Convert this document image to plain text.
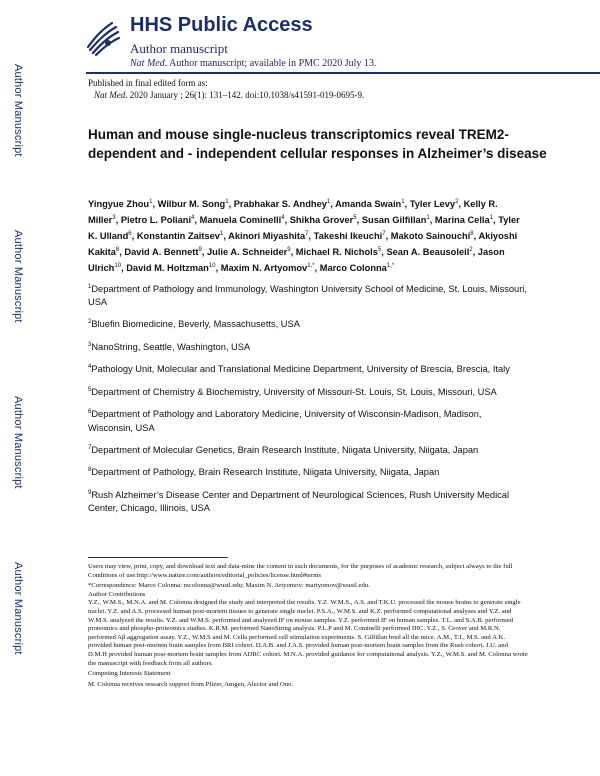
Author Manuscript
Author Manuscript
Author Manuscript
Author Manuscript
HHS Public Access
Author manuscript
Nat Med. Author manuscript; available in PMC 2020 July 13.
Published in final edited form as:
Nat Med. 2020 January ; 26(1): 131–142. doi:10.1038/s41591-019-0695-9.
Human and mouse single-nucleus transcriptomics reveal TREM2-dependent and - independent cellular responses in Alzheimer’s disease
Yingyue Zhou$^1$, Wilbur M. Song$^1$, Prabhakar S. Andhey$^1$, Amanda Swain$^1$, Tyler Levy$^2$, Kelly R. Miller$^3$, Pietro L. Poliani$^4$, Manuela Cominelli$^4$, Shikha Grover$^5$, Susan Gilfillan$^1$, Marina Cella$^1$, Tyler K. Ulland$^6$, Konstantin Zaitsev$^1$, Akinori Miyashita$^7$, Takeshi Ikeuchi$^7$, Makoto Sainouchi$^8$, Akiyoshi Kakita$^8$, David A. Bennett$^9$, Julie A. Schneider$^9$, Michael R. Nichols$^5$, Sean A. Beausoleil$^2$, Jason Ulrich$^{10}$, David M. Holtzman$^{10}$, Maxim N. Artyomov$^{1,*}$, Marco Colonna$^{1,*}$

$^1$Department of Pathology and Immunology, Washington University School of Medicine, St. Louis, Missouri, USA

$^2$Bluefin Biomedicine, Beverly, Massachusetts, USA

$^3$NanoString, Seattle, Washington, USA

$^4$Pathology Unit, Molecular and Translational Medicine Department, University of Brescia, Brescia, Italy

$^5$Department of Chemistry & Biochemistry, University of Missouri-St. Louis, St. Louis, Missouri, USA

$^6$Department of Pathology and Laboratory Medicine, University of Wisconsin-Madison, Madison, Wisconsin, USA

$^7$Department of Molecular Genetics, Brain Research Institute, Niigata University, Niigata, Japan

$^8$Department of Pathology, Brain Research Institute, Niigata University, Niigata, Japan

$^9$Rush Alzheimer’s Disease Center and Department of Neurological Sciences, Rush University Medical Center, Chicago, Illinois, USA

Users may view, print, copy, and download text and data-mine the content in such documents, for the purposes of academic research, subject always to the full Conditions of use:http://www.nature.com/authors/editorial_policies/license.html#terms

*Correspondence: Marco Colonna: mcolonna@wustl.edu; Maxim N. Artyomov: martyomov@wustl.edu.

Author Contributions

Y.Z., W.M.S., M.N.A. and M. Colonna designed the study and interpreted the results. Y.Z. W.M.S., A.S. and T.K.U. processed the mouse brains to generate single nuclei. Y.Z. and A.S. processed human post-mortem tissues to generate single nuclei. P.S.A., W.M.S. and K.Z. performed computational analyses and Y.Z. and W.M.S. analyzed the results. Y.Z. and W.M.S. performed and analyzed IF on mouse samples. Y.Z. performed IF on human samples. T.L. and S.A.B. performed proteomics and phospho-proteomics studies. K.R.M. performed NanoString analysis. P.L.P and M. Cominelli performed IHC. Y.Z., S. Grover and M.R.N. performed Aβ aggregation assay. Y.Z., W.M.S and M. Cella performed cell stimulation experiments. S. Gilfillan bred all the mice. A.M., T.I., M.S. and A.K. provided human post-mortem brain samples from BRI cohort. D.A.B. and J.A.S. provided human post-mortem brain samples from the Rush cohort. J.U. and D.M.H provided human post-mortem brain samples from ADRC cohort. M.N.A. provided guidance for computational analysis. Y.Z., W.M.S. and M. Colonna wrote the manuscript with feedback from all authors.

Competing Interests Statement

M. Colonna receives research support from Pfizer, Amgen, Alector and Ono.
